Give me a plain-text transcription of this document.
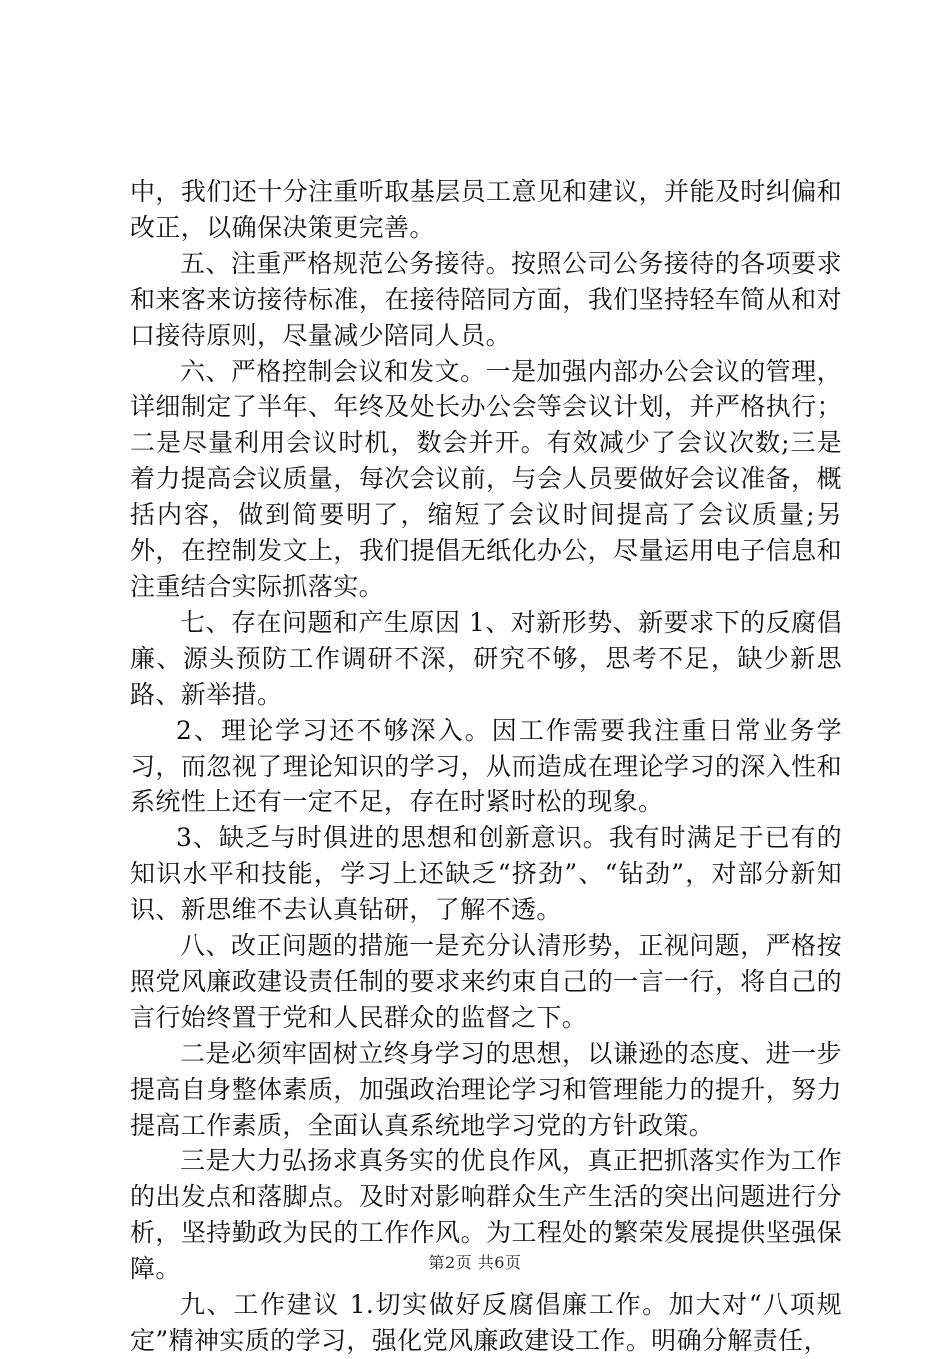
中，我们还十分注重听取基层员工意见和建议，并能及时纠偏和改正，以确保决策更完善。

五、注重严格规范公务接待。按照公司公务接待的各项要求和来客来访接待标准，在接待陪同方面，我们坚持轻车简从和对口接待原则，尽量减少陪同人员。

六、严格控制会议和发文。一是加强内部办公会议的管理，详细制定了半年、年终及处长办公会等会议计划，并严格执行；二是尽量利用会议时机，数会并开。有效减少了会议次数;三是着力提高会议质量，每次会议前，与会人员要做好会议准备，概括内容，做到简要明了，缩短了会议时间提高了会议质量;另外，在控制发文上，我们提倡无纸化办公，尽量运用电子信息和注重结合实际抓落实。

七、存在问题和产生原因 1、对新形势、新要求下的反腐倡廉、源头预防工作调研不深，研究不够，思考不足，缺少新思路、新举措。

2、理论学习还不够深入。因工作需要我注重日常业务学习，而忽视了理论知识的学习，从而造成在理论学习的深入性和系统性上还有一定不足，存在时紧时松的现象。

3、缺乏与时俱进的思想和创新意识。我有时满足于已有的知识水平和技能，学习上还缺乏“挤劲”、“钻劲”，对部分新知识、新思维不去认真钻研，了解不透。

八、改正问题的措施一是充分认清形势，正视问题，严格按照党风廉政建设责任制的要求来约束自己的一言一行，将自己的言行始终置于党和人民群众的监督之下。

二是必须牢固树立终身学习的思想，以谦逊的态度、进一步提高自身整体素质，加强政治理论学习和管理能力的提升，努力提高工作素质，全面认真系统地学习党的方针政策。

三是大力弘扬求真务实的优良作风，真正把抓落实作为工作的出发点和落脚点。及时对影响群众生产生活的突出问题进行分析，坚持勤政为民的工作作风。为工程处的繁荣发展提供坚强保障。

九、工作建议 1.切实做好反腐倡廉工作。加大对“八项规定”精神实质的学习，强化党风廉政建设工作。明确分解责任，

第2页 共6页
